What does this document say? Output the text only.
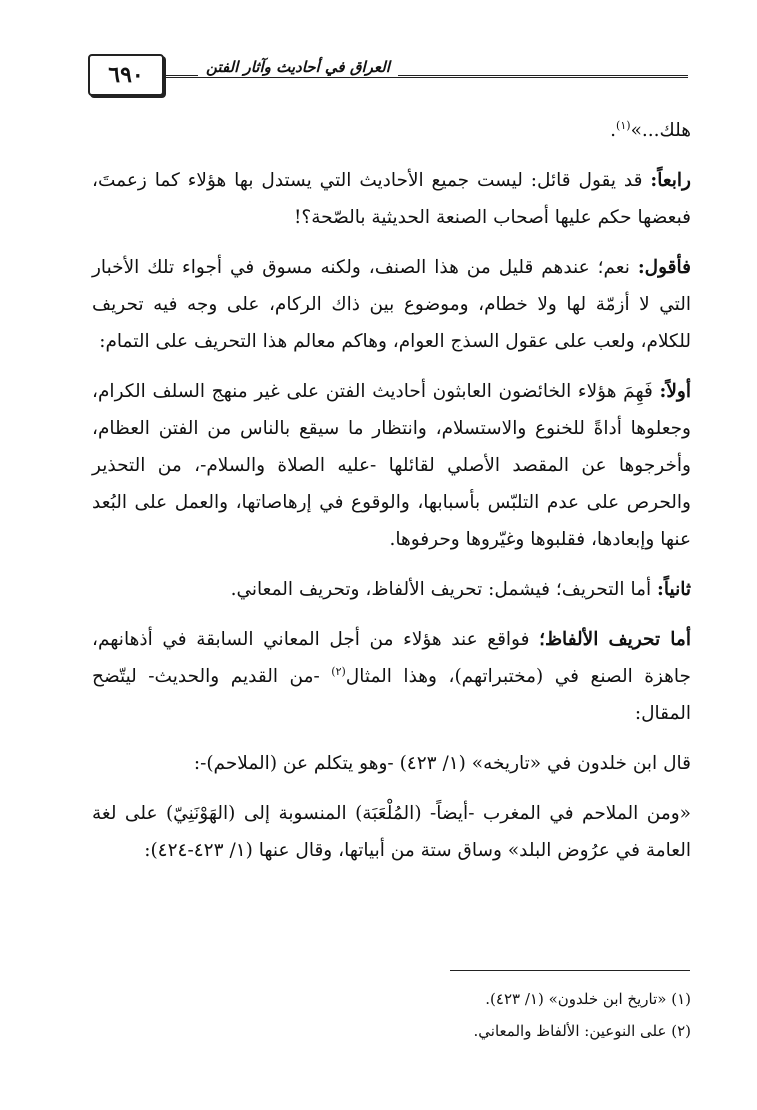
٦٩٠	العراق في أحاديث وآثار الفتن

هلك...»$^{(١)}$.

رابعاً: قد يقول قائل: ليست جميع الأحاديث التي يستدل بها هؤلاء كما زعمتَ، فبعضها حكم عليها أصحاب الصنعة الحديثية بالصّحة؟!

فأقول: نعم؛ عندهم قليل من هذا الصنف، ولكنه مسوق في أجواء تلك الأخبار التي لا أزمّة لها ولا خطام، وموضوع بين ذاك الركام، على وجه فيه تحريف للكلام، ولعب على عقول السذج العوام، وهاكم معالم هذا التحريف على التمام:

أولاً: فَهِمَ هؤلاء الخائضون العابثون أحاديث الفتن على غير منهج السلف الكرام، وجعلوها أداةً للخنوع والاستسلام، وانتظار ما سيقع بالناس من الفتن العظام، وأخرجوها عن المقصد الأصلي لقائلها -عليه الصلاة والسلام-، من التحذير والحرص على عدم التلبّس بأسبابها، والوقوع في إرهاصاتها، والعمل على البُعد عنها وإبعادها، فقلبوها وغيّروها وحرفوها.

ثانياً: أما التحريف؛ فيشمل: تحريف الألفاظ، وتحريف المعاني.

أما تحريف الألفاظ؛ فواقع عند هؤلاء من أجل المعاني السابقة في أذهانهم، جاهزة الصنع في (مختبراتهم)، وهذا المثال$^{(٢)}$ -من القديم والحديث- ليتّضح المقال:

قال ابن خلدون في «تاريخه» (١/ ٤٢٣) -وهو يتكلم عن (الملاحم)-:

«ومن الملاحم في المغرب -أيضاً- (المُلْعَبَة) المنسوبة إلى (الهَوْنَنِيّ) على لغة العامة في عرُوض البلد» وساق ستة من أبياتها، وقال عنها (١/ ٤٢٣-٤٢٤):

(١) «تاريخ ابن خلدون» (١/ ٤٢٣).

(٢) على النوعين: الألفاظ والمعاني.
